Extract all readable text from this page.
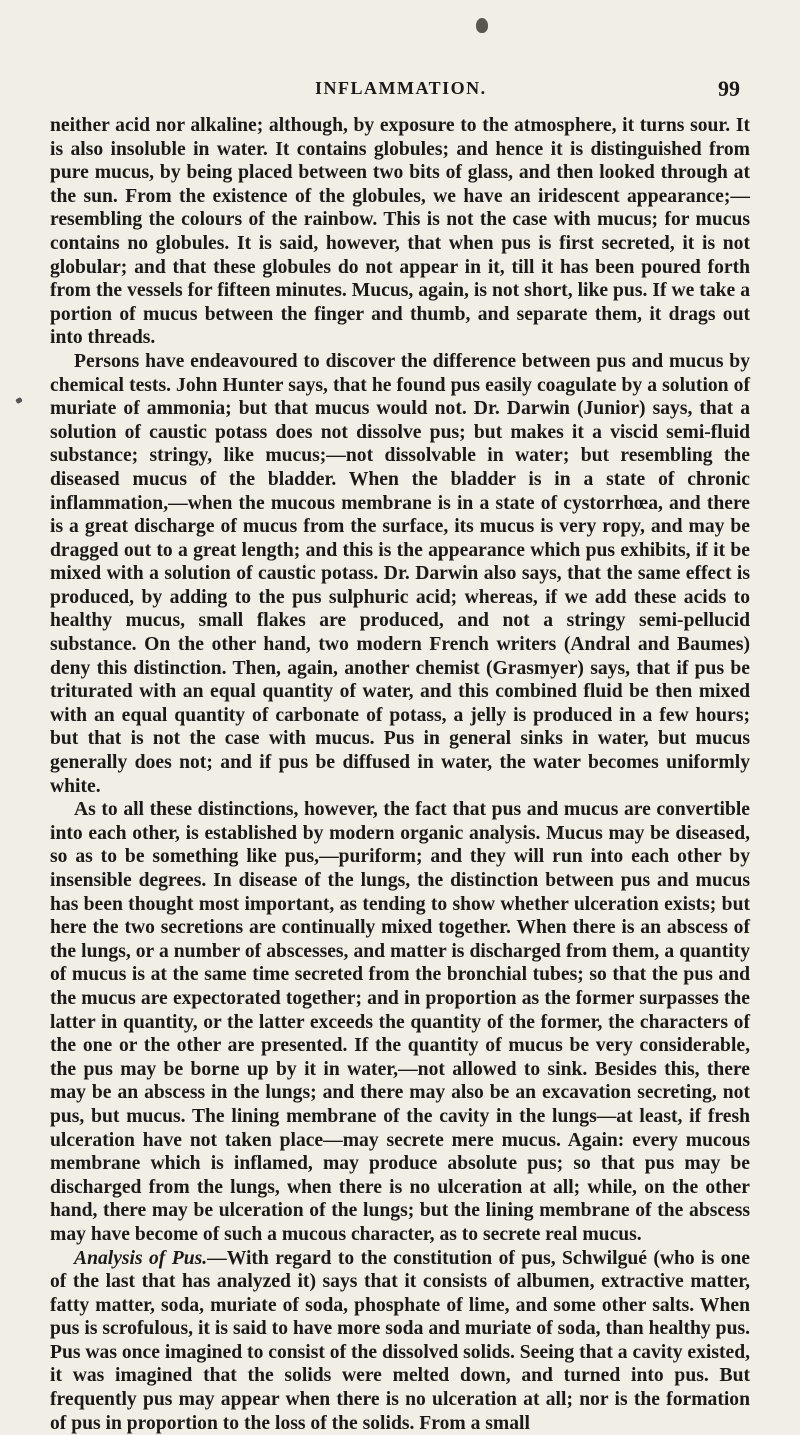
INFLAMMATION.	99

neither acid nor alkaline; although, by exposure to the atmosphere, it turns sour. It is also insoluble in water. It contains globules; and hence it is distinguished from pure mucus, by being placed between two bits of glass, and then looked through at the sun. From the existence of the globules, we have an iridescent appearance;—resembling the colours of the rainbow. This is not the case with mucus; for mucus contains no globules. It is said, however, that when pus is first secreted, it is not globular; and that these globules do not appear in it, till it has been poured forth from the vessels for fifteen minutes. Mucus, again, is not short, like pus. If we take a portion of mucus between the finger and thumb, and separate them, it drags out into threads.

Persons have endeavoured to discover the difference between pus and mucus by chemical tests. John Hunter says, that he found pus easily coagulate by a solution of muriate of ammonia; but that mucus would not. Dr. Darwin (Junior) says, that a solution of caustic potass does not dissolve pus; but makes it a viscid semi-fluid substance; stringy, like mucus;—not dissolvable in water; but resembling the diseased mucus of the bladder. When the bladder is in a state of chronic inflammation,—when the mucous membrane is in a state of cystorrhœa, and there is a great discharge of mucus from the surface, its mucus is very ropy, and may be dragged out to a great length; and this is the appearance which pus exhibits, if it be mixed with a solution of caustic potass. Dr. Darwin also says, that the same effect is produced, by adding to the pus sulphuric acid; whereas, if we add these acids to healthy mucus, small flakes are produced, and not a stringy semi-pellucid substance. On the other hand, two modern French writers (Andral and Baumes) deny this distinction. Then, again, another chemist (Grasmyer) says, that if pus be triturated with an equal quantity of water, and this combined fluid be then mixed with an equal quantity of carbonate of potass, a jelly is produced in a few hours; but that is not the case with mucus. Pus in general sinks in water, but mucus generally does not; and if pus be diffused in water, the water becomes uniformly white.

As to all these distinctions, however, the fact that pus and mucus are convertible into each other, is established by modern organic analysis. Mucus may be diseased, so as to be something like pus,—puriform; and they will run into each other by insensible degrees. In disease of the lungs, the distinction between pus and mucus has been thought most important, as tending to show whether ulceration exists; but here the two secretions are continually mixed together. When there is an abscess of the lungs, or a number of abscesses, and matter is discharged from them, a quantity of mucus is at the same time secreted from the bronchial tubes; so that the pus and the mucus are expectorated together; and in proportion as the former surpasses the latter in quantity, or the latter exceeds the quantity of the former, the characters of the one or the other are presented. If the quantity of mucus be very considerable, the pus may be borne up by it in water,—not allowed to sink. Besides this, there may be an abscess in the lungs; and there may also be an excavation secreting, not pus, but mucus. The lining membrane of the cavity in the lungs—at least, if fresh ulceration have not taken place—may secrete mere mucus. Again: every mucous membrane which is inflamed, may produce absolute pus; so that pus may be discharged from the lungs, when there is no ulceration at all; while, on the other hand, there may be ulceration of the lungs; but the lining membrane of the abscess may have become of such a mucous character, as to secrete real mucus.

Analysis of Pus.—With regard to the constitution of pus, Schwilgué (who is one of the last that has analyzed it) says that it consists of albumen, extractive matter, fatty matter, soda, muriate of soda, phosphate of lime, and some other salts. When pus is scrofulous, it is said to have more soda and muriate of soda, than healthy pus. Pus was once imagined to consist of the dissolved solids. Seeing that a cavity existed, it was imagined that the solids were melted down, and turned into pus. But frequently pus may appear when there is no ulceration at all; nor is the formation of pus in proportion to the loss of the solids. From a small
